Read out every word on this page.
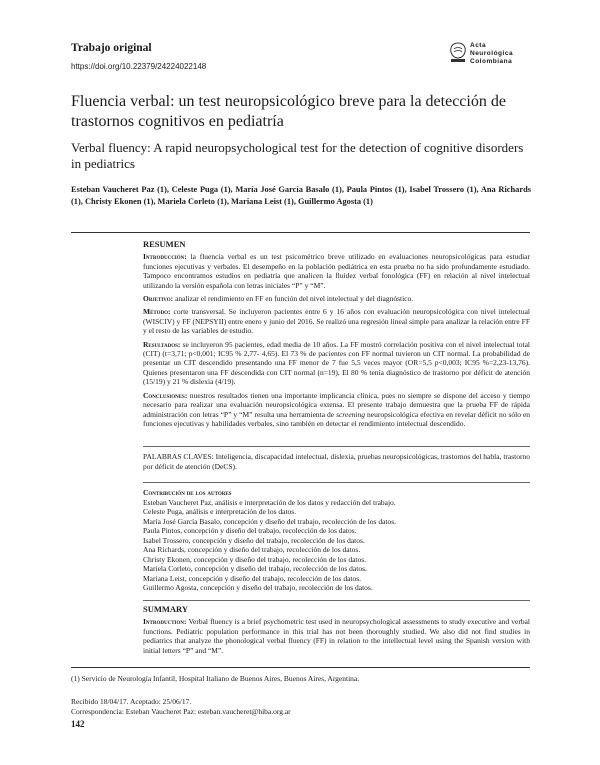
Trabajo original
https://doi.org/10.22379/24224022148
Acta
Neurológica
Colombiana
Fluencia verbal: un test neuropsicológico breve para la detección de trastornos cognitivos en pediatría
Verbal fluency: A rapid neuropsychological test for the detection of cognitive disorders in pediatrics
Esteban Vaucheret Paz (1), Celeste Puga (1), María José García Basalo (1), Paula Pintos (1), Isabel Trossero (1), Ana Richards (1), Christy Ekonen (1), Mariela Corleto (1), Mariana Leist (1), Guillermo Agosta (1)

RESUMEN

Introducción: la fluencia verbal es un test psicométrico breve utilizado en evaluaciones neuropsicológicas para estudiar funciones ejecutivas y verbales. El desempeño en la población pediátrica en esta prueba no ha sido profundamente estudiado. Tampoco encontramos estudios en pediatría que analicen la fluidez verbal fonológica (FF) en relación al nivel intelectual utilizando la versión española con letras iniciales “P” y “M”.

Objetivo: analizar el rendimiento en FF en función del nivel intelectual y del diagnóstico.

Método: corte transversal. Se incluyeron pacientes entre 6 y 16 años con evaluación neuropsicológica con nivel intelectual (WISCIV) y FF (NEPSYII) entre enero y junio del 2016. Se realizó una regresión lineal simple para analizar la relación entre FF y el resto de las variables de estudio.

Resultados: se incluyeron 95 pacientes, edad media de 10 años. La FF mostró correlación positiva con el nivel intelectual total (CIT) (t=3,71; p<0,001; IC95 % 2,77- 4,65). El 73 % de pacientes con FF normal tuvieron un CIT normal. La probabilidad de presentar un CIT descendido presentando una FF menor de 7 fue 5,5 veces mayor (OR=5,5 p<0,003; IC95 %=2,23-13,76). Quienes presentaron una FF descendida con CIT normal (n=19), El 80 % tenía diagnóstico de trastorno por déficit de atención (15/19) y 21 % dislexia (4/19).

Conclusiones: nuestros resultados tienen una importante implicancia clínica, pues no siempre se dispone del acceso y tiempo necesario para realizar una evaluación neuropsicológica extensa. El presente trabajo demuestra que la prueba FF de rápida administración con letras “P” y “M” resulta una herramienta de screening neuropsicológica efectiva en revelar déficit no sólo en funciones ejecutivas y habilidades verbales, sino también en detectar el rendimiento intelectual descendido.

PALABRAS CLAVES: Inteligencia, discapacidad intelectual, dislexia, pruebas neuropsicológicas, trastornos del habla, trastorno por déficit de atención (DeCS).
Contribución de los autores
Esteban Vaucheret Paz, análisis e interpretación de los datos y redacción del trabajo.
Celeste Puga, análisis e interpretación de los datos.
María José García Basalo, concepción y diseño del trabajo, recolección de los datos.
Paula Pintos, concepción y diseño del trabajo, recolección de los datos.
Isabel Trossero, concepción y diseño del trabajo, recolección de los datos.
Ana Richards, concepción y diseño del trabajo, recolección de los datos.
Christy Ekonen, concepción y diseño del trabajo, recolección de los datos.
Mariela Corleto, concepción y diseño del trabajo, recolección de los datos.
Mariana Leist, concepción y diseño del trabajo, recolección de los datos.
Guillermo Agosta, concepción y diseño del trabajo, recolección de los datos.

SUMMARY

Introduction: Verbal fluency is a brief psychometric test used in neuropsychological assessments to study executive and verbal functions. Pediatric population performance in this trial has not been thoroughly studied. We also did not find studies in pediatrics that analyze the phonological verbal fluency (FF) in relation to the intellectual level using the Spanish version with initial letters “P” and “M”.

(1) Servicio de Neurología Infantil, Hospital Italiano de Buenos Aires, Buenos Aires, Argentina.
Recibido 18/04/17. Aceptado: 25/06/17.
Correspondencia: Esteban Vaucheret Paz: esteban.vaucheret@hiba.org.ar
142
